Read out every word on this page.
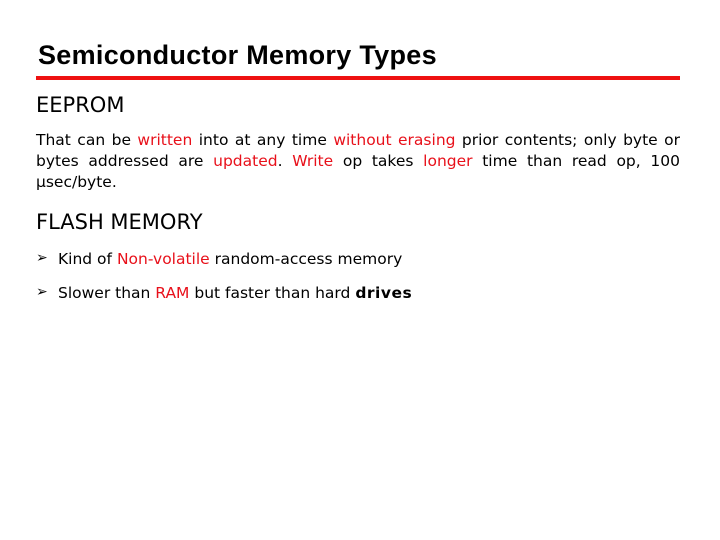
Semiconductor Memory Types
EEPROM

That can be written into at any time without erasing prior contents; only byte or bytes addressed are updated. Write op takes longer time than read op, 100 µsec/byte.

FLASH MEMORY
➢ Kind of Non-volatile random-access memory
➢ Slower than RAM but faster than hard drives
